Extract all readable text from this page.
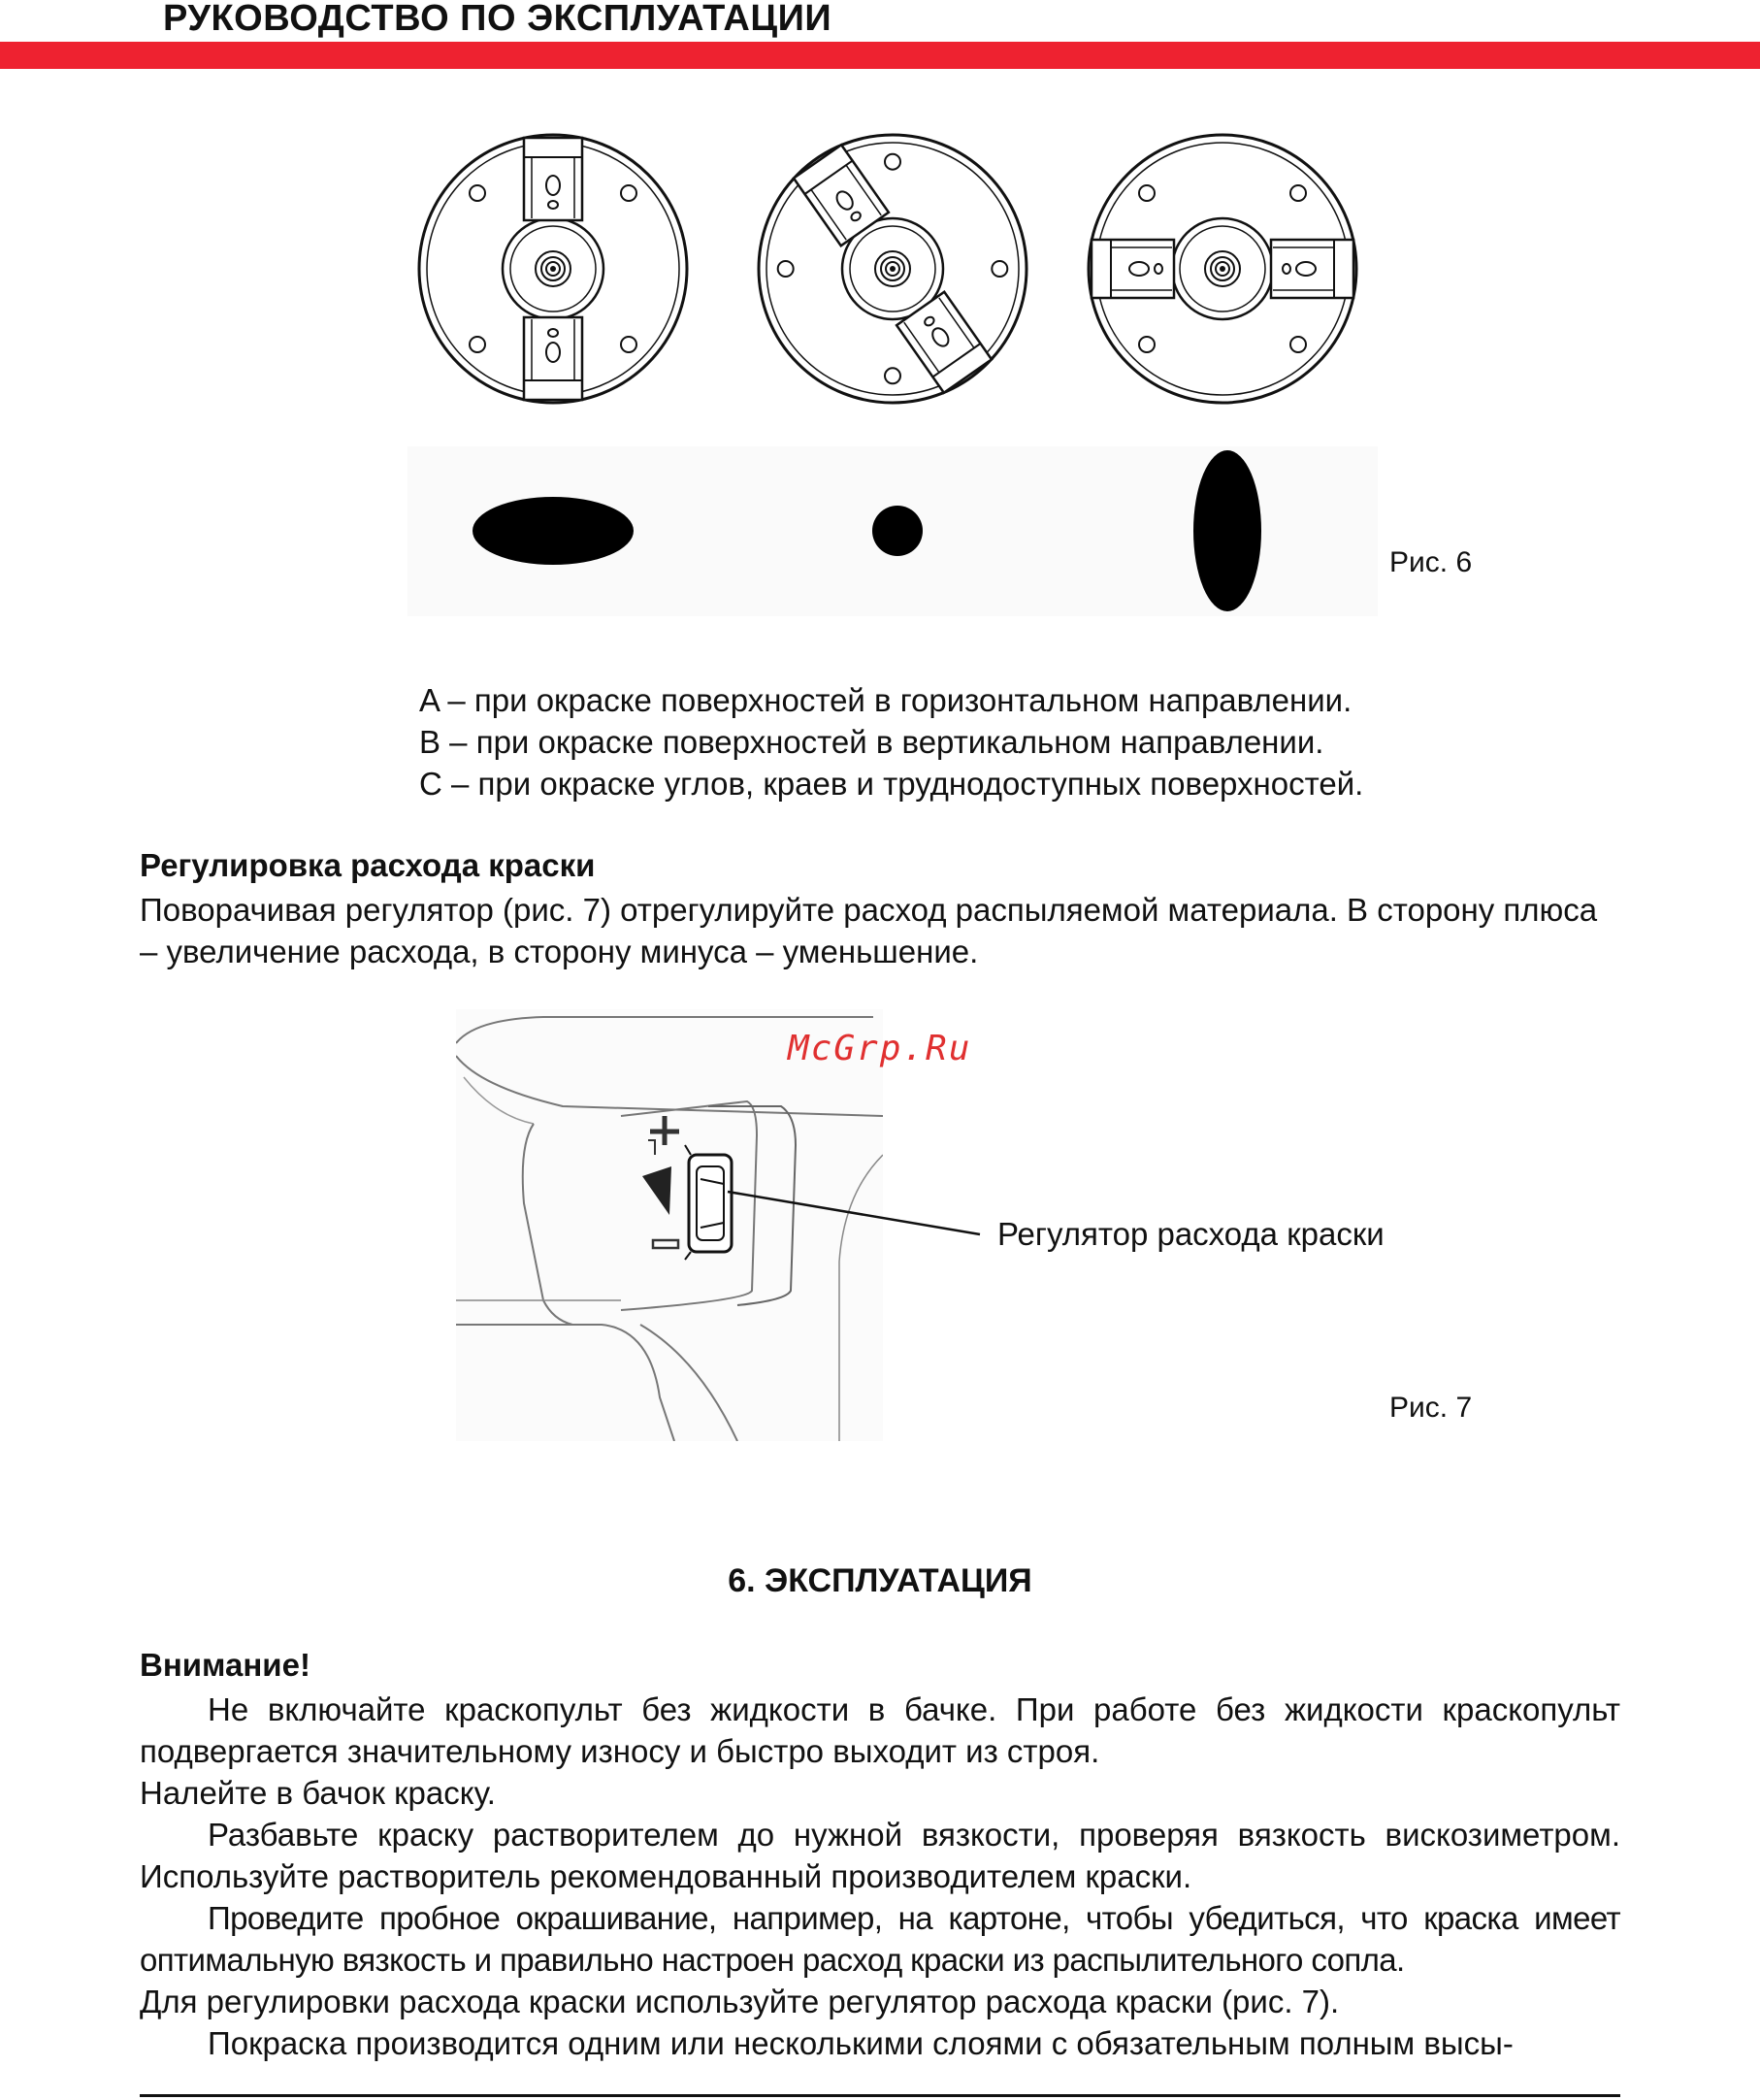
РУКОВОДСТВО ПО ЭКСПЛУАТАЦИИ
Рис. 6
A – при окраске поверхностей в горизонтальном направлении.
B – при окраске поверхностей в вертикальном направлении.
C – при окраске углов, краев и труднодоступных поверхностей.
Регулировка расхода краски
Поворачивая регулятор (рис. 7) отрегулируйте расход распыляемой материала. В сторону плюса – увеличение расхода, в сторону минуса – уменьшение.
McGrp.Ru
Регулятор расхода краски
Рис. 7
6. ЭКСПЛУАТАЦИЯ
Внимание!

Не включайте краскопульт без жидкости в бачке. При работе без жидкости краскопульт подвергается значительному износу и быстро выходит из строя.

Налейте в бачок краску.

Разбавьте краску растворителем до нужной вязкости, проверяя вязкость вискозиметром. Используйте растворитель рекомендованный производителем краски.

Проведите пробное окрашивание, например, на картоне, чтобы убедиться, что краска имеет оптимальную вязкость и правильно настроен расход краски из распылительного сопла.

Для регулировки расхода краски используйте регулятор расхода краски (рис. 7).

Покраска производится одним или несколькими слоями с обязательным полным высы-
